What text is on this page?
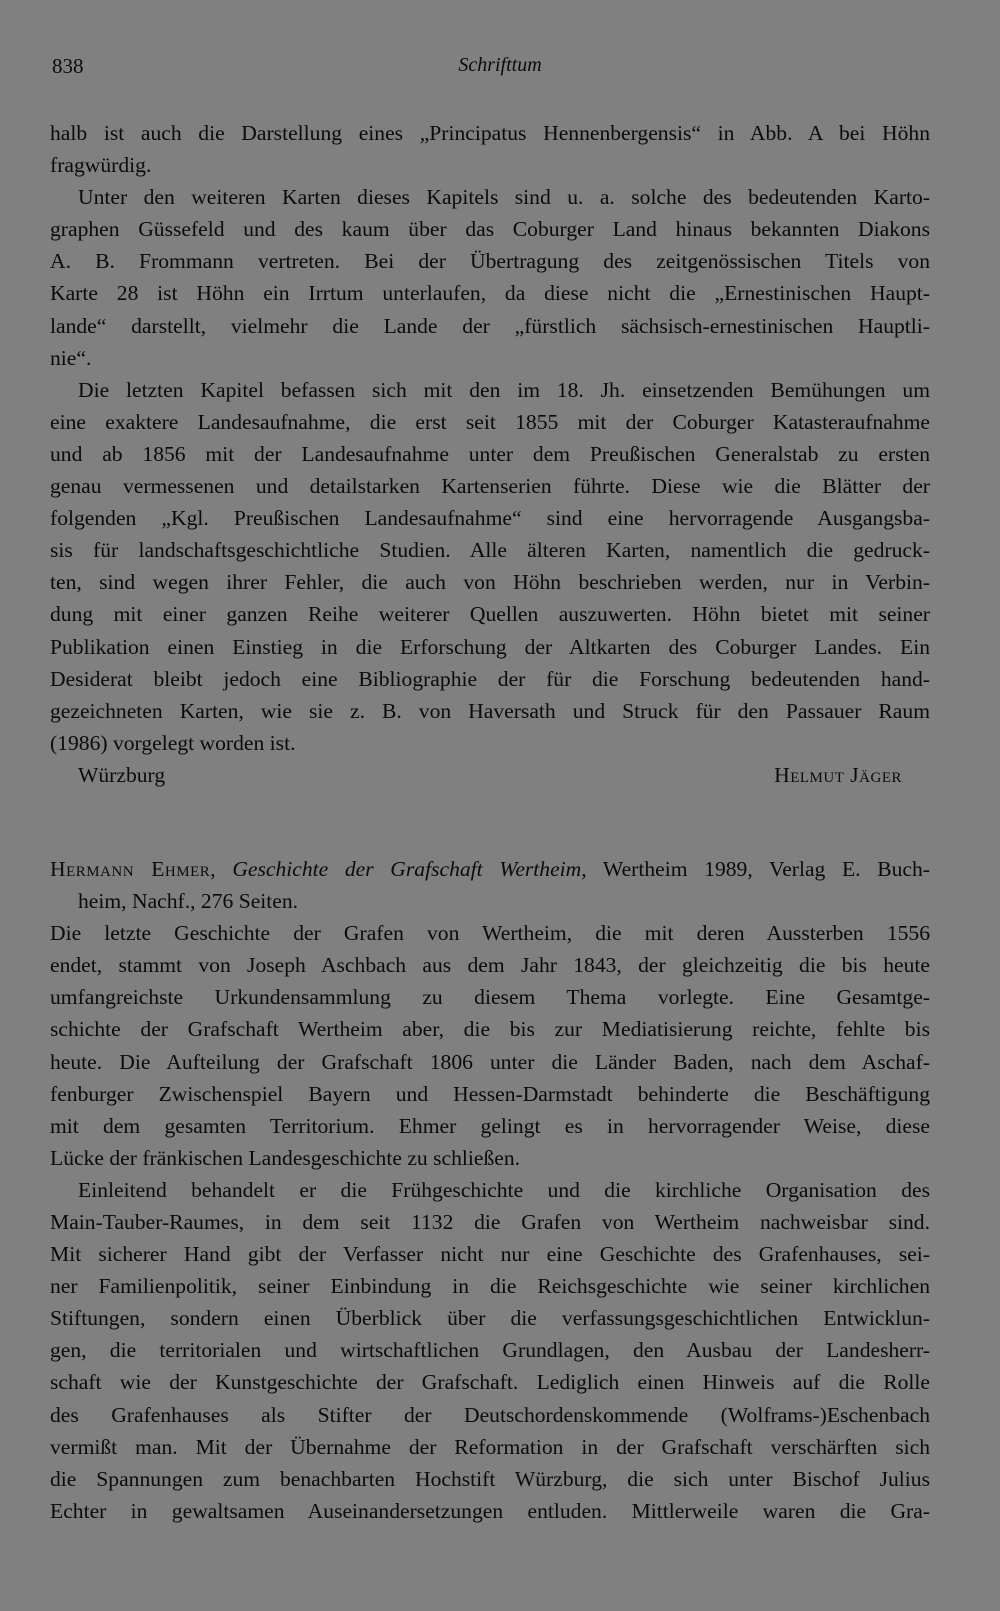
838	Schrifttum
halb ist auch die Darstellung eines „Principatus Hennenbergensis“ in Abb. A bei Höhn
fragwürdig.
Unter den weiteren Karten dieses Kapitels sind u. a. solche des bedeutenden Karto-
graphen Güssefeld und des kaum über das Coburger Land hinaus bekannten Diakons
A. B. Frommann vertreten. Bei der Übertragung des zeitgenössischen Titels von
Karte 28 ist Höhn ein Irrtum unterlaufen, da diese nicht die „Ernestinischen Haupt-
lande“ darstellt, vielmehr die Lande der „fürstlich sächsisch-ernestinischen Hauptli-
nie“.
Die letzten Kapitel befassen sich mit den im 18. Jh. einsetzenden Bemühungen um
eine exaktere Landesaufnahme, die erst seit 1855 mit der Coburger Katasteraufnahme
und ab 1856 mit der Landesaufnahme unter dem Preußischen Generalstab zu ersten
genau vermessenen und detailstarken Kartenserien führte. Diese wie die Blätter der
folgenden „Kgl. Preußischen Landesaufnahme“ sind eine hervorragende Ausgangsba-
sis für landschaftsgeschichtliche Studien. Alle älteren Karten, namentlich die gedruck-
ten, sind wegen ihrer Fehler, die auch von Höhn beschrieben werden, nur in Verbin-
dung mit einer ganzen Reihe weiterer Quellen auszuwerten. Höhn bietet mit seiner
Publikation einen Einstieg in die Erforschung der Altkarten des Coburger Landes. Ein
Desiderat bleibt jedoch eine Bibliographie der für die Forschung bedeutenden hand-
gezeichneten Karten, wie sie z. B. von Haversath und Struck für den Passauer Raum
(1986) vorgelegt worden ist.
Würzburg	Helmut Jäger
Hermann Ehmer, Geschichte der Grafschaft Wertheim, Wertheim 1989, Verlag E. Buch-
heim, Nachf., 276 Seiten.
Die letzte Geschichte der Grafen von Wertheim, die mit deren Aussterben 1556
endet, stammt von Joseph Aschbach aus dem Jahr 1843, der gleichzeitig die bis heute
umfangreichste Urkundensammlung zu diesem Thema vorlegte. Eine Gesamtge-
schichte der Grafschaft Wertheim aber, die bis zur Mediatisierung reichte, fehlte bis
heute. Die Aufteilung der Grafschaft 1806 unter die Länder Baden, nach dem Aschaf-
fenburger Zwischenspiel Bayern und Hessen-Darmstadt behinderte die Beschäftigung
mit dem gesamten Territorium. Ehmer gelingt es in hervorragender Weise, diese
Lücke der fränkischen Landesgeschichte zu schließen.
Einleitend behandelt er die Frühgeschichte und die kirchliche Organisation des
Main-Tauber-Raumes, in dem seit 1132 die Grafen von Wertheim nachweisbar sind.
Mit sicherer Hand gibt der Verfasser nicht nur eine Geschichte des Grafenhauses, sei-
ner Familienpolitik, seiner Einbindung in die Reichsgeschichte wie seiner kirchlichen
Stiftungen, sondern einen Überblick über die verfassungsgeschichtlichen Entwicklun-
gen, die territorialen und wirtschaftlichen Grundlagen, den Ausbau der Landesherr-
schaft wie der Kunstgeschichte der Grafschaft. Lediglich einen Hinweis auf die Rolle
des Grafenhauses als Stifter der Deutschordenskommende (Wolframs-)Eschenbach
vermißt man. Mit der Übernahme der Reformation in der Grafschaft verschärften sich
die Spannungen zum benachbarten Hochstift Würzburg, die sich unter Bischof Julius
Echter in gewaltsamen Auseinandersetzungen entluden. Mittlerweile waren die Gra-
